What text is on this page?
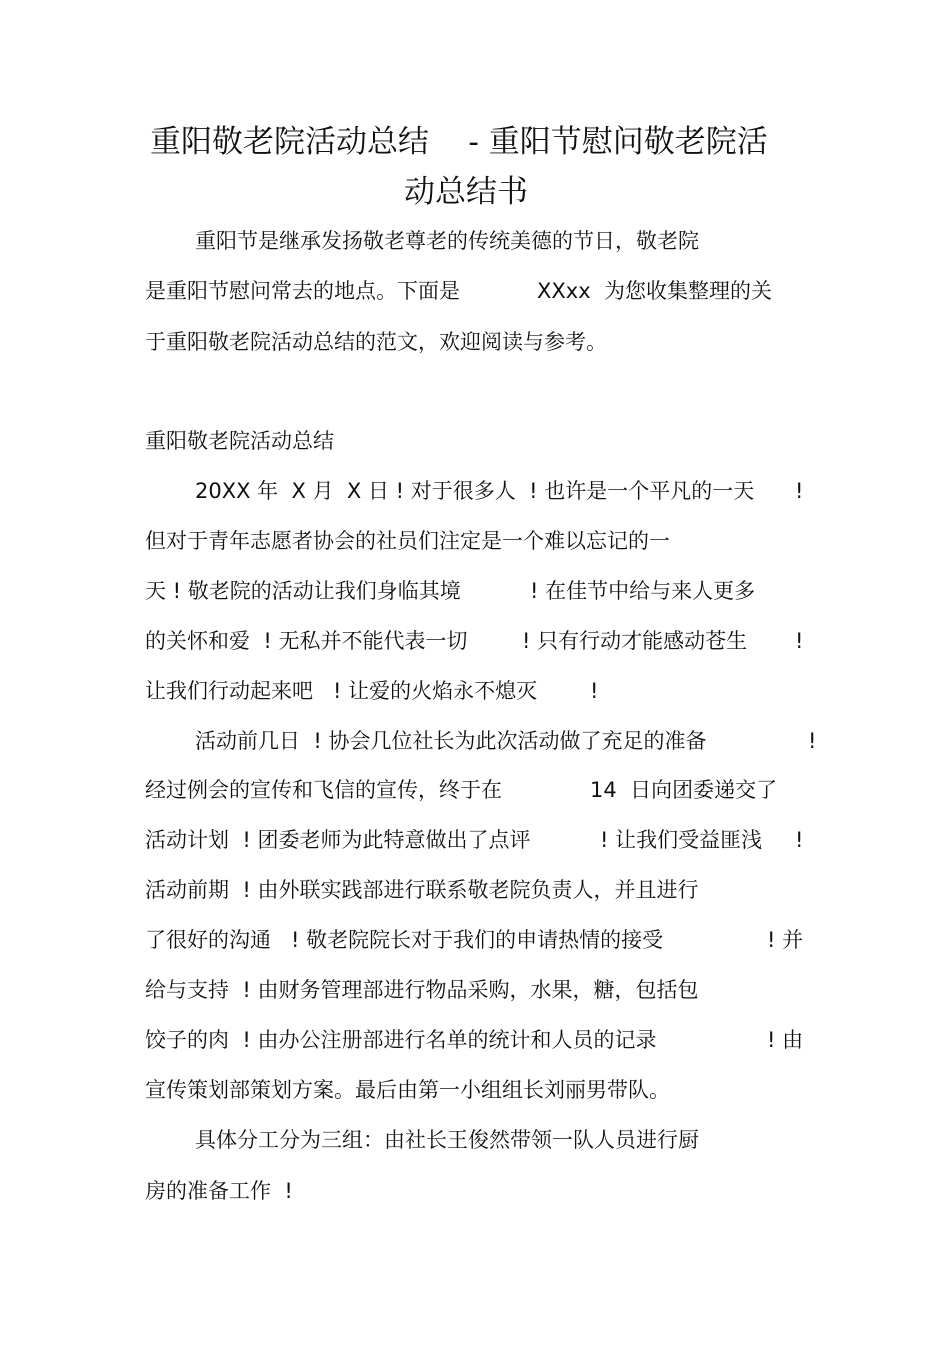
重阳敬老院活动总结    - 重阳节慰问敬老院活
动总结书

重阳节是继承发扬敬老尊老的传统美德的节日，敬老院

是重阳节慰问常去的地点。下面是

	XXxx  为您收集整理的关

于重阳敬老院活动总结的范文，欢迎阅读与参考。

重阳敬老院活动总结

20XX 年  X 月  X 日 ! 对于很多人  ! 也许是一个平凡的一天

!

但对于青年志愿者协会的社员们注定是一个难以忘记的一

天 ! 敬老院的活动让我们身临其境

	! 在佳节中给与来人更多

的关怀和爱  ! 无私并不能代表一切

	! 只有行动才能感动苍生

!

让我们行动起来吧   ! 让爱的火焰永不熄灭

	!

活动前几日  ! 协会几位社长为此次活动做了充足的准备

	!

经过例会的宣传和飞信的宣传，终于在

	14  日向团委递交了

活动计划  ! 团委老师为此特意做出了点评

	! 让我们受益匪浅

!

活动前期  ! 由外联实践部进行联系敬老院负责人，并且进行

了很好的沟通   ! 敬老院院长对于我们的申请热情的接受

	! 并

给与支持  ! 由财务管理部进行物品采购，水果，糖，包括包

饺子的肉  ! 由办公注册部进行名单的统计和人员的记录

	! 由

宣传策划部策划方案。最后由第一小组组长刘丽男带队。

具体分工分为三组：由社长王俊然带领一队人员进行厨

房的准备工作  !
